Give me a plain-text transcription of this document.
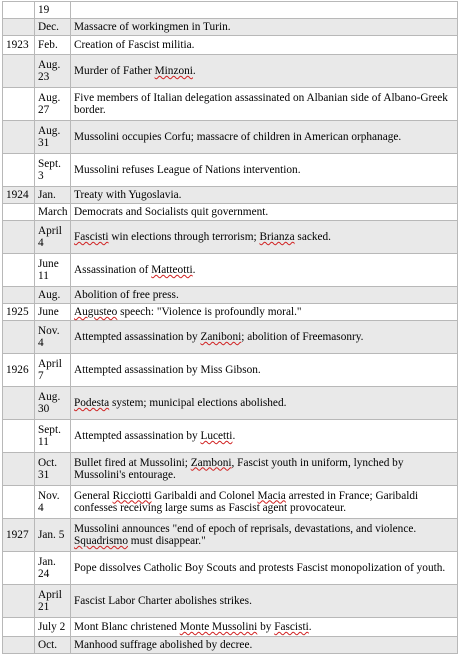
	19	
	Dec.	Massacre of workingmen in Turin.
1923	Feb.	Creation of Fascist militia.
	Aug. 23	Murder of Father Minzoni.
	Aug. 27	Five members of Italian delegation assassinated on Albanian side of Albano-Greek border.
	Aug. 31	Mussolini occupies Corfu; massacre of children in American orphanage.
	Sept. 3	Mussolini refuses League of Nations intervention.
1924	Jan.	Treaty with Yugoslavia.
	March	Democrats and Socialists quit government.
	April 4	Fascisti win elections through terrorism; Brianza sacked.
	June 11	Assassination of Matteotti.
	Aug.	Abolition of free press.
1925	June	Augusteo speech: "Violence is profoundly moral."
	Nov. 4	Attempted assassination by Zaniboni; abolition of Freemasonry.
1926	April 7	Attempted assassination by Miss Gibson.
	Aug. 30	Podesta system; municipal elections abolished.
	Sept. 11	Attempted assassination by Lucetti.
	Oct. 31	Bullet fired at Mussolini; Zamboni, Fascist youth in uniform, lynched by Mussolini's entourage.
	Nov. 4	General Ricciotti Garibaldi and Colonel Macia arrested in France; Garibaldi confesses receiving large sums as Fascist agent provocateur.
1927	Jan. 5	Mussolini announces "end of epoch of reprisals, devastations, and violence. Squadrismo must disappear."
	Jan. 24	Pope dissolves Catholic Boy Scouts and protests Fascist monopolization of youth.
	April 21	Fascist Labor Charter abolishes strikes.
	July 2	Mont Blanc christened Monte Mussolini by Fascisti.
	Oct.	Manhood suffrage abolished by decree.
